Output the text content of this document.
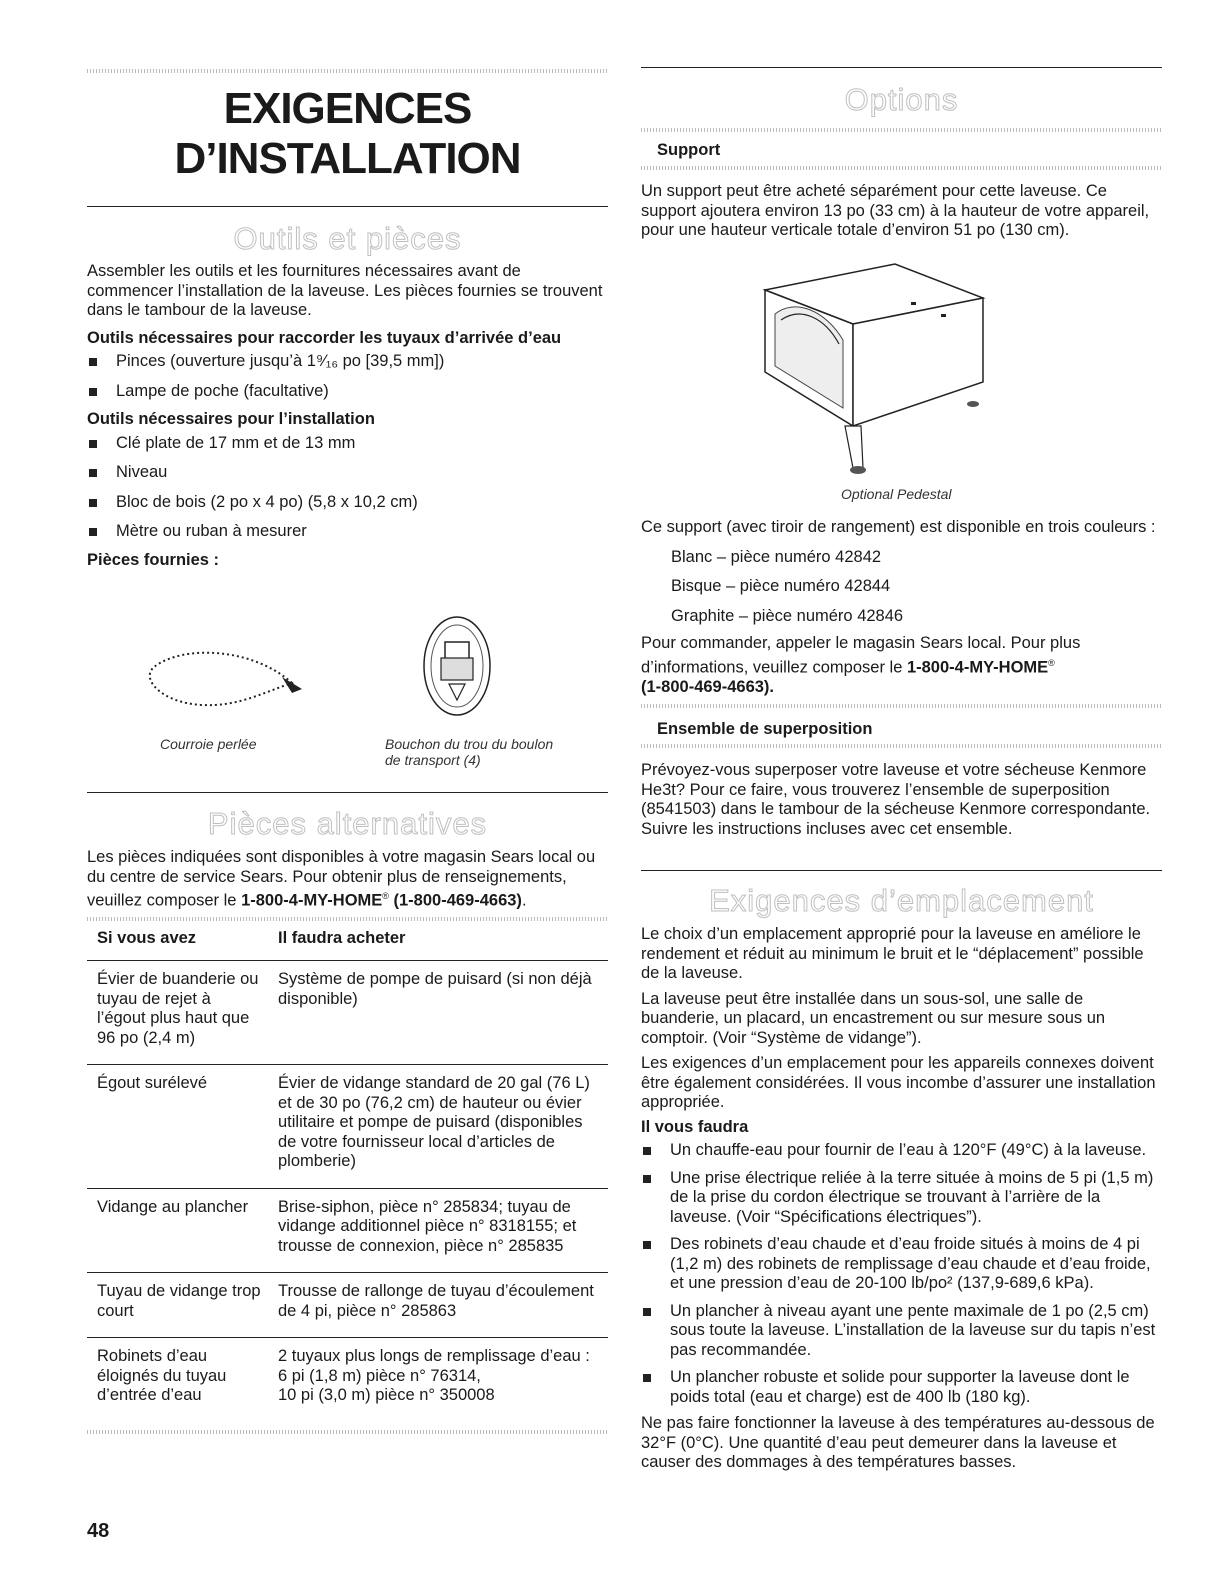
EXIGENCES
D’INSTALLATION
Outils et pièces

Assembler les outils et les fournitures nécessaires avant de commencer l’installation de la laveuse. Les pièces fournies se trouvent dans le tambour de la laveuse.

Outils nécessaires pour raccorder les tuyaux d’arrivée d’eau

Pinces (ouverture jusqu’à 1⁹⁄₁₆ po [39,5 mm])
Lampe de poche (facultative)

Outils nécessaires pour l’installation

Clé plate de 17 mm et de 13 mm
Niveau
Bloc de bois (2 po x 4 po) (5,8 x 10,2 cm)
Mètre ou ruban à mesurer

Pièces fournies :

Courroie perlée	Bouchon du trou du boulon de transport (4)
Pièces alternatives

Les pièces indiquées sont disponibles à votre magasin Sears local ou du centre de service Sears. Pour obtenir plus de renseignements, veuillez composer le 1-800-4-MY-HOME® (1-800-469-4663).

Si vous avez	Il faudra acheter
Évier de buanderie ou tuyau de rejet à l’égout plus haut que 96 po (2,4 m)	Système de pompe de puisard (si non déjà disponible)
Égout surélevé	Évier de vidange standard de 20 gal (76 L) et de 30 po (76,2 cm) de hauteur ou évier utilitaire et pompe de puisard (disponibles de votre fournisseur local d’articles de plomberie)
Vidange au plancher	Brise-siphon, pièce n° 285834; tuyau de vidange additionnel pièce n° 8318155; et trousse de connexion, pièce n° 285835
Tuyau de vidange trop court	Trousse de rallonge de tuyau d’écoulement de 4 pi, pièce n° 285863
Robinets d’eau éloignés du tuyau d’entrée d’eau	2 tuyaux plus longs de remplissage d’eau :
6 pi (1,8 m) pièce n° 76314,
10 pi (3,0 m) pièce n° 350008
Options
Support

Un support peut être acheté séparément pour cette laveuse. Ce support ajoutera environ 13 po (33 cm) à la hauteur de votre appareil, pour une hauteur verticale totale d’environ 51 po (130 cm).

Optional Pedestal

Ce support (avec tiroir de rangement) est disponible en trois couleurs :

Blanc – pièce numéro 42842

Bisque – pièce numéro 42844

Graphite – pièce numéro 42846

Pour commander, appeler le magasin Sears local. Pour plus d’informations, veuillez composer le 1-800-4-MY-HOME®
(1-800-469-4663).

Ensemble de superposition

Prévoyez-vous superposer votre laveuse et votre sécheuse Kenmore He3t? Pour ce faire, vous trouverez l’ensemble de superposition (8541503) dans le tambour de la sécheuse Kenmore correspondante. Suivre les instructions incluses avec cet ensemble.

Exigences d’emplacement

Le choix d’un emplacement approprié pour la laveuse en améliore le rendement et réduit au minimum le bruit et le “déplacement” possible de la laveuse.

La laveuse peut être installée dans un sous-sol, une salle de buanderie, un placard, un encastrement ou sur mesure sous un comptoir. (Voir “Système de vidange”).

Les exigences d’un emplacement pour les appareils connexes doivent être également considérées. Il vous incombe d’assurer une installation appropriée.

Il vous faudra

Un chauffe-eau pour fournir de l’eau à 120°F (49°C) à la laveuse.
Une prise électrique reliée à la terre située à moins de 5 pi (1,5 m) de la prise du cordon électrique se trouvant à l’arrière de la laveuse. (Voir “Spécifications électriques”).
Des robinets d’eau chaude et d’eau froide situés à moins de 4 pi (1,2 m) des robinets de remplissage d’eau chaude et d’eau froide, et une pression d’eau de 20-100 lb/po² (137,9-689,6 kPa).
Un plancher à niveau ayant une pente maximale de 1 po (2,5 cm) sous toute la laveuse. L’installation de la laveuse sur du tapis n’est pas recommandée.
Un plancher robuste et solide pour supporter la laveuse dont le poids total (eau et charge) est de 400 lb (180 kg).

Ne pas faire fonctionner la laveuse à des températures au-dessous de 32°F (0°C). Une quantité d’eau peut demeurer dans la laveuse et causer des dommages à des températures basses.

48
